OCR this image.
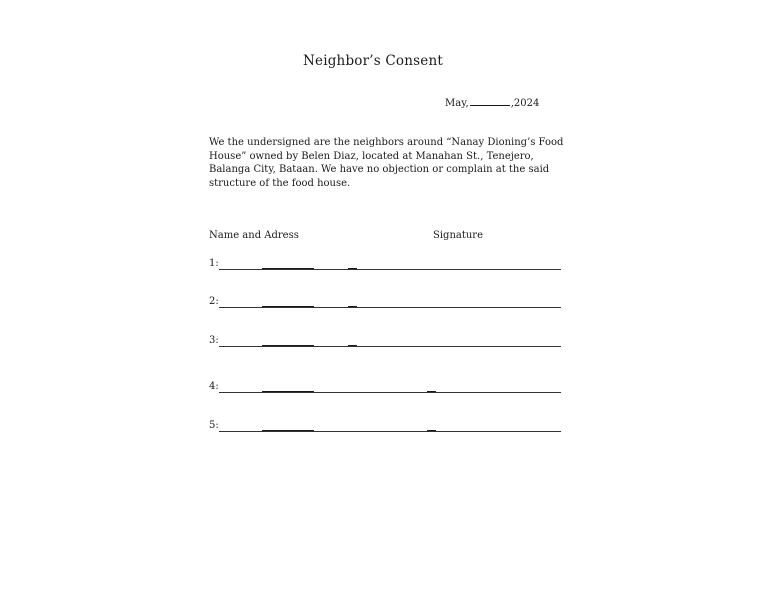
Neighbor’s Consent
May,	,2024
We the undersigned are the neighbors around “Nanay Dioning’s Food House” owned by Belen Diaz, located at Manahan St., Tenejero, Balanga City, Bataan. We have no objection or complain at the said structure of the food house.
Name and Adress	Signature
1:
2:
3:
4:
5:
